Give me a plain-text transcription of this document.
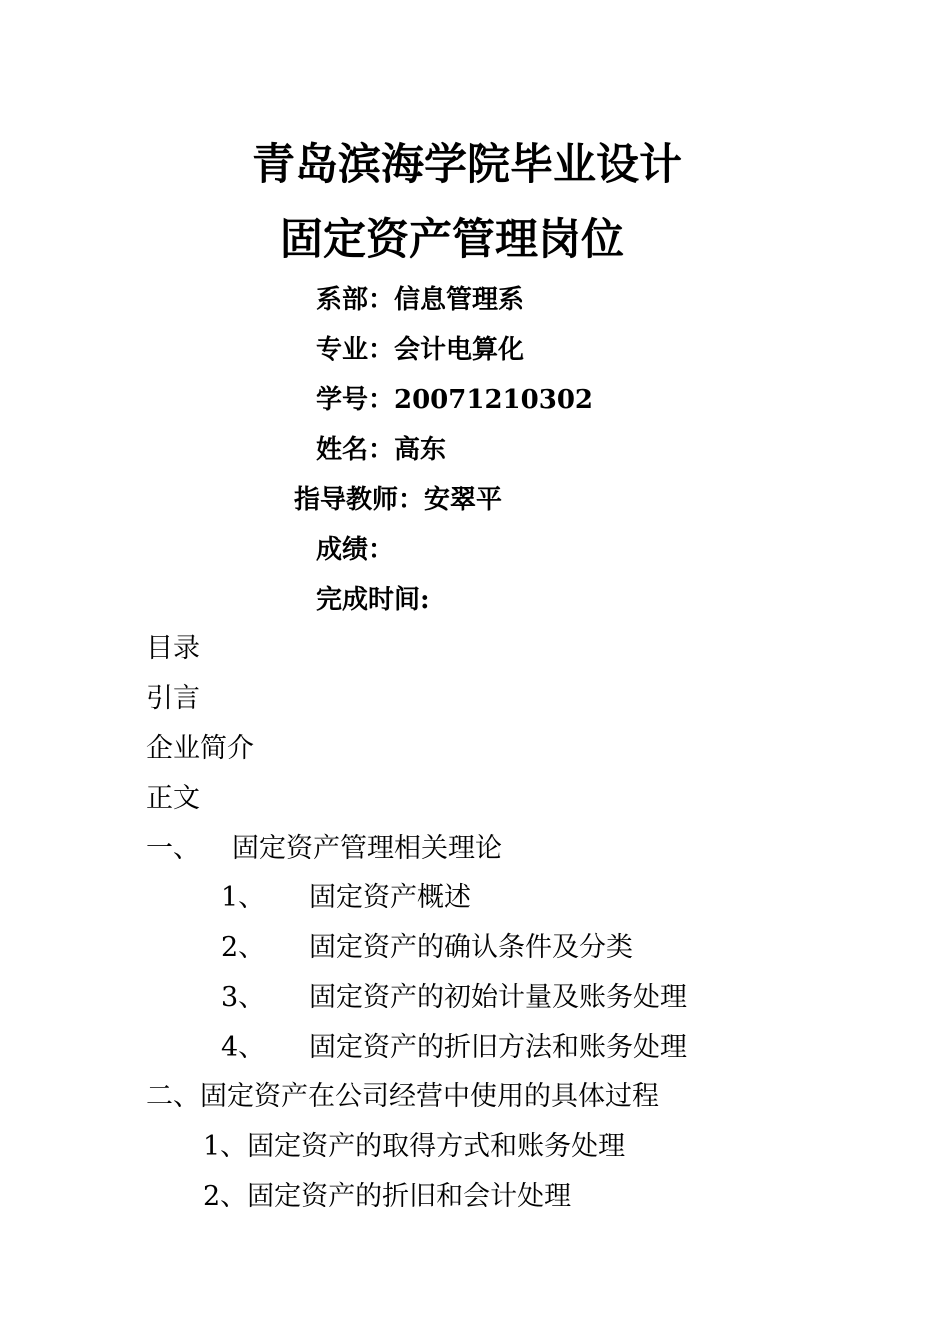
青岛滨海学院毕业设计
固定资产管理岗位
系部：信息管理系
专业：会计电算化
学号：20071210302
姓名：高东
指导教师：安翠平
成绩：
完成时间:
目录
引言
企业简介
正文
一、 固定资产管理相关理论
1、 固定资产概述
2、 固定资产的确认条件及分类
3、 固定资产的初始计量及账务处理
4、 固定资产的折旧方法和账务处理
二、固定资产在公司经营中使用的具体过程
1、固定资产的取得方式和账务处理
2、固定资产的折旧和会计处理
